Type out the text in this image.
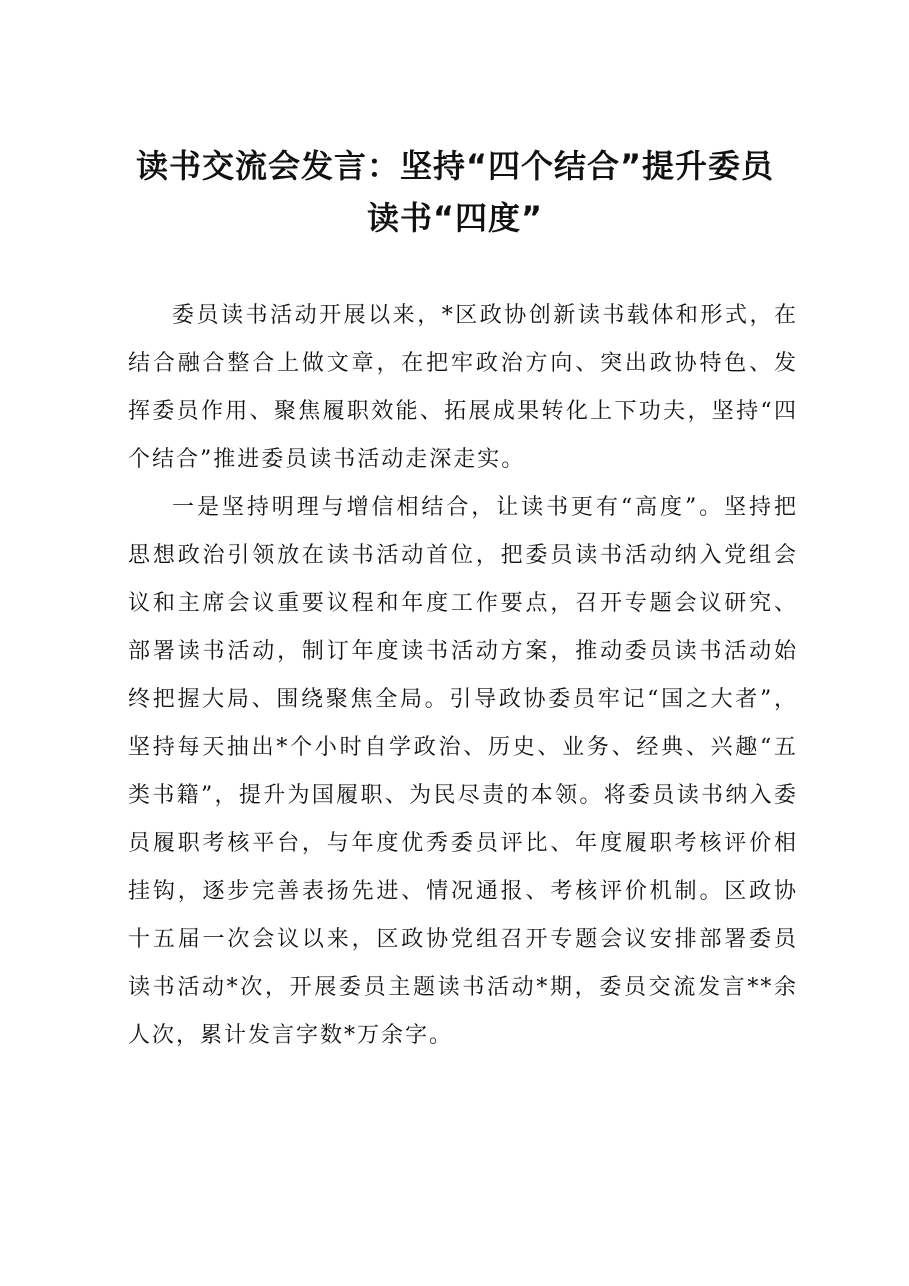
读书交流会发言：坚持“四个结合”提升委员
读书“四度”

委员读书活动开展以来，*区政协创新读书载体和形式，在结合融合整合上做文章，在把牢政治方向、突出政协特色、发挥委员作用、聚焦履职效能、拓展成果转化上下功夫，坚持“四个结合”推进委员读书活动走深走实。

一是坚持明理与增信相结合，让读书更有“高度”。坚持把思想政治引领放在读书活动首位，把委员读书活动纳入党组会议和主席会议重要议程和年度工作要点，召开专题会议研究、部署读书活动，制订年度读书活动方案，推动委员读书活动始终把握大局、围绕聚焦全局。引导政协委员牢记“国之大者”，坚持每天抽出*个小时自学政治、历史、业务、经典、兴趣“五类书籍”，提升为国履职、为民尽责的本领。将委员读书纳入委员履职考核平台，与年度优秀委员评比、年度履职考核评价相挂钩，逐步完善表扬先进、情况通报、考核评价机制。区政协十五届一次会议以来，区政协党组召开专题会议安排部署委员读书活动*次，开展委员主题读书活动*期，委员交流发言**余人次，累计发言字数*万余字。
